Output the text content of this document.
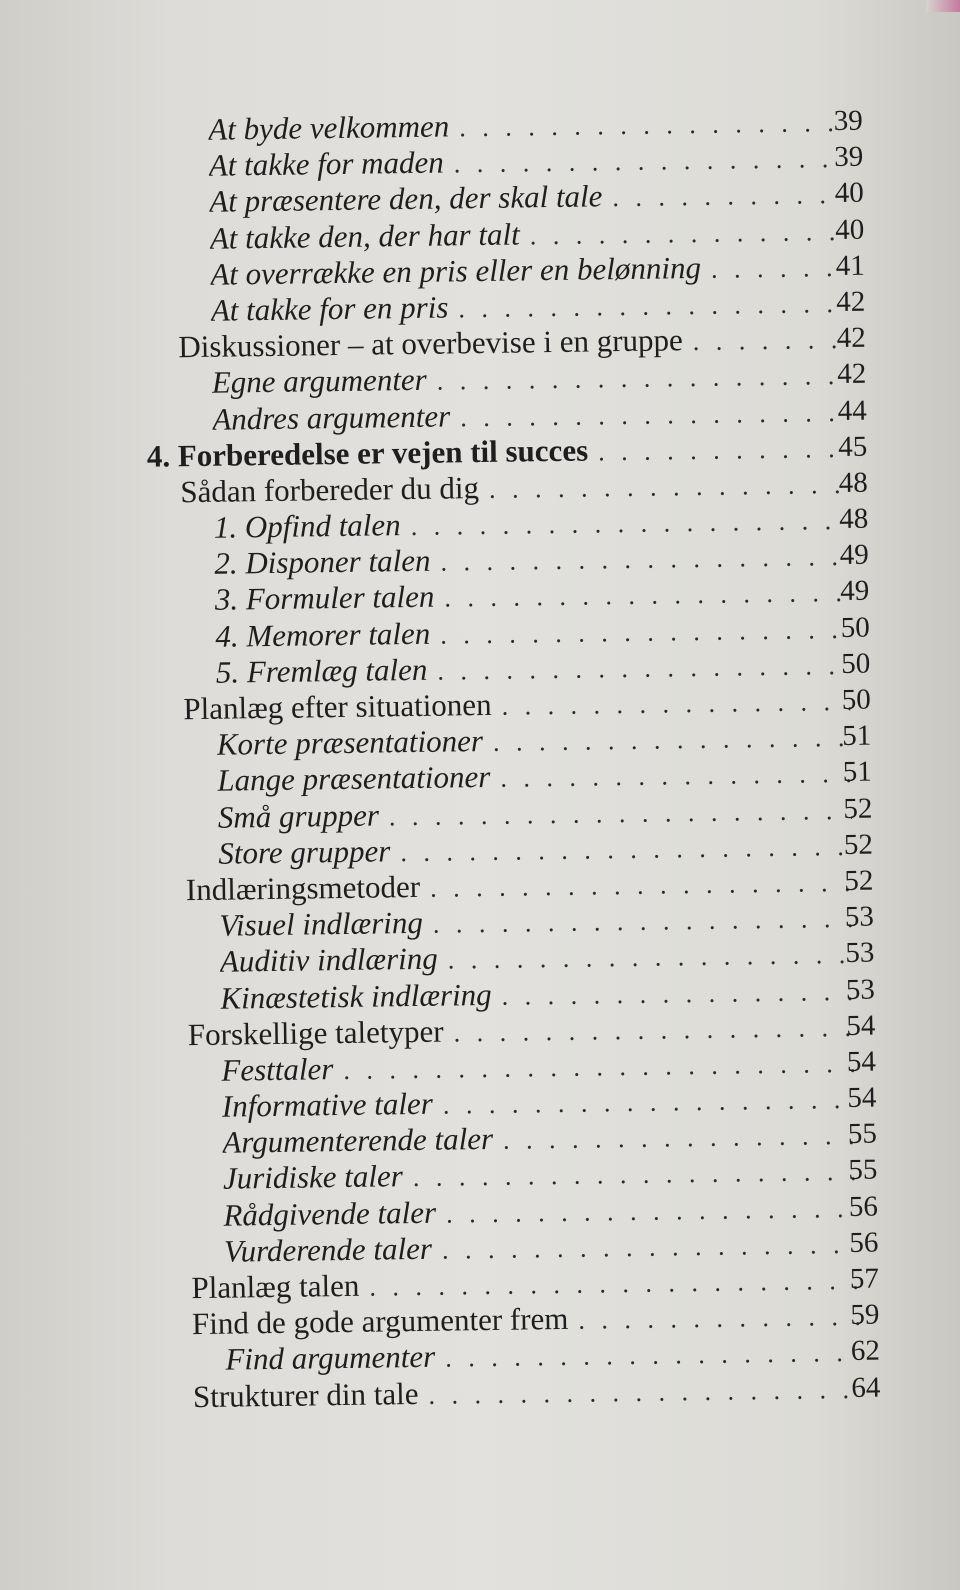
At byde velkommen . . .	39
At takke for maden . . .	39
At præsentere den, der skal tale . . .	40
At takke den, der har talt . . .	40
At overrække en pris eller en belønning . . .	41
At takke for en pris . . .	42
Diskussioner – at overbevise i en gruppe . . .	42
Egne argumenter . . .	42
Andres argumenter . . .	44
4. Forberedelse er vejen til succes . . .	45
Sådan forbereder du dig . . .	48
1. Opfind talen . . .	48
2. Disponer talen . . .	49
3. Formuler talen . . .	49
4. Memorer talen . . .	50
5. Fremlæg talen . . .	50
Planlæg efter situationen . . .	50
Korte præsentationer . . .	51
Lange præsentationer . . .	51
Små grupper . . .	52
Store grupper . . .	52
Indlæringsmetoder . . .	52
Visuel indlæring . . .	53
Auditiv indlæring . . .	53
Kinæstetisk indlæring . . .	53
Forskellige taletyper . . .	54
Festtaler . . .	54
Informative taler . . .	54
Argumenterende taler . . .	55
Juridiske taler . . .	55
Rådgivende taler . . .	56
Vurderende taler . . .	56
Planlæg talen . . .	57
Find de gode argumenter frem . . .	59
Find argumenter . . .	62
Strukturer din tale . . .	64
